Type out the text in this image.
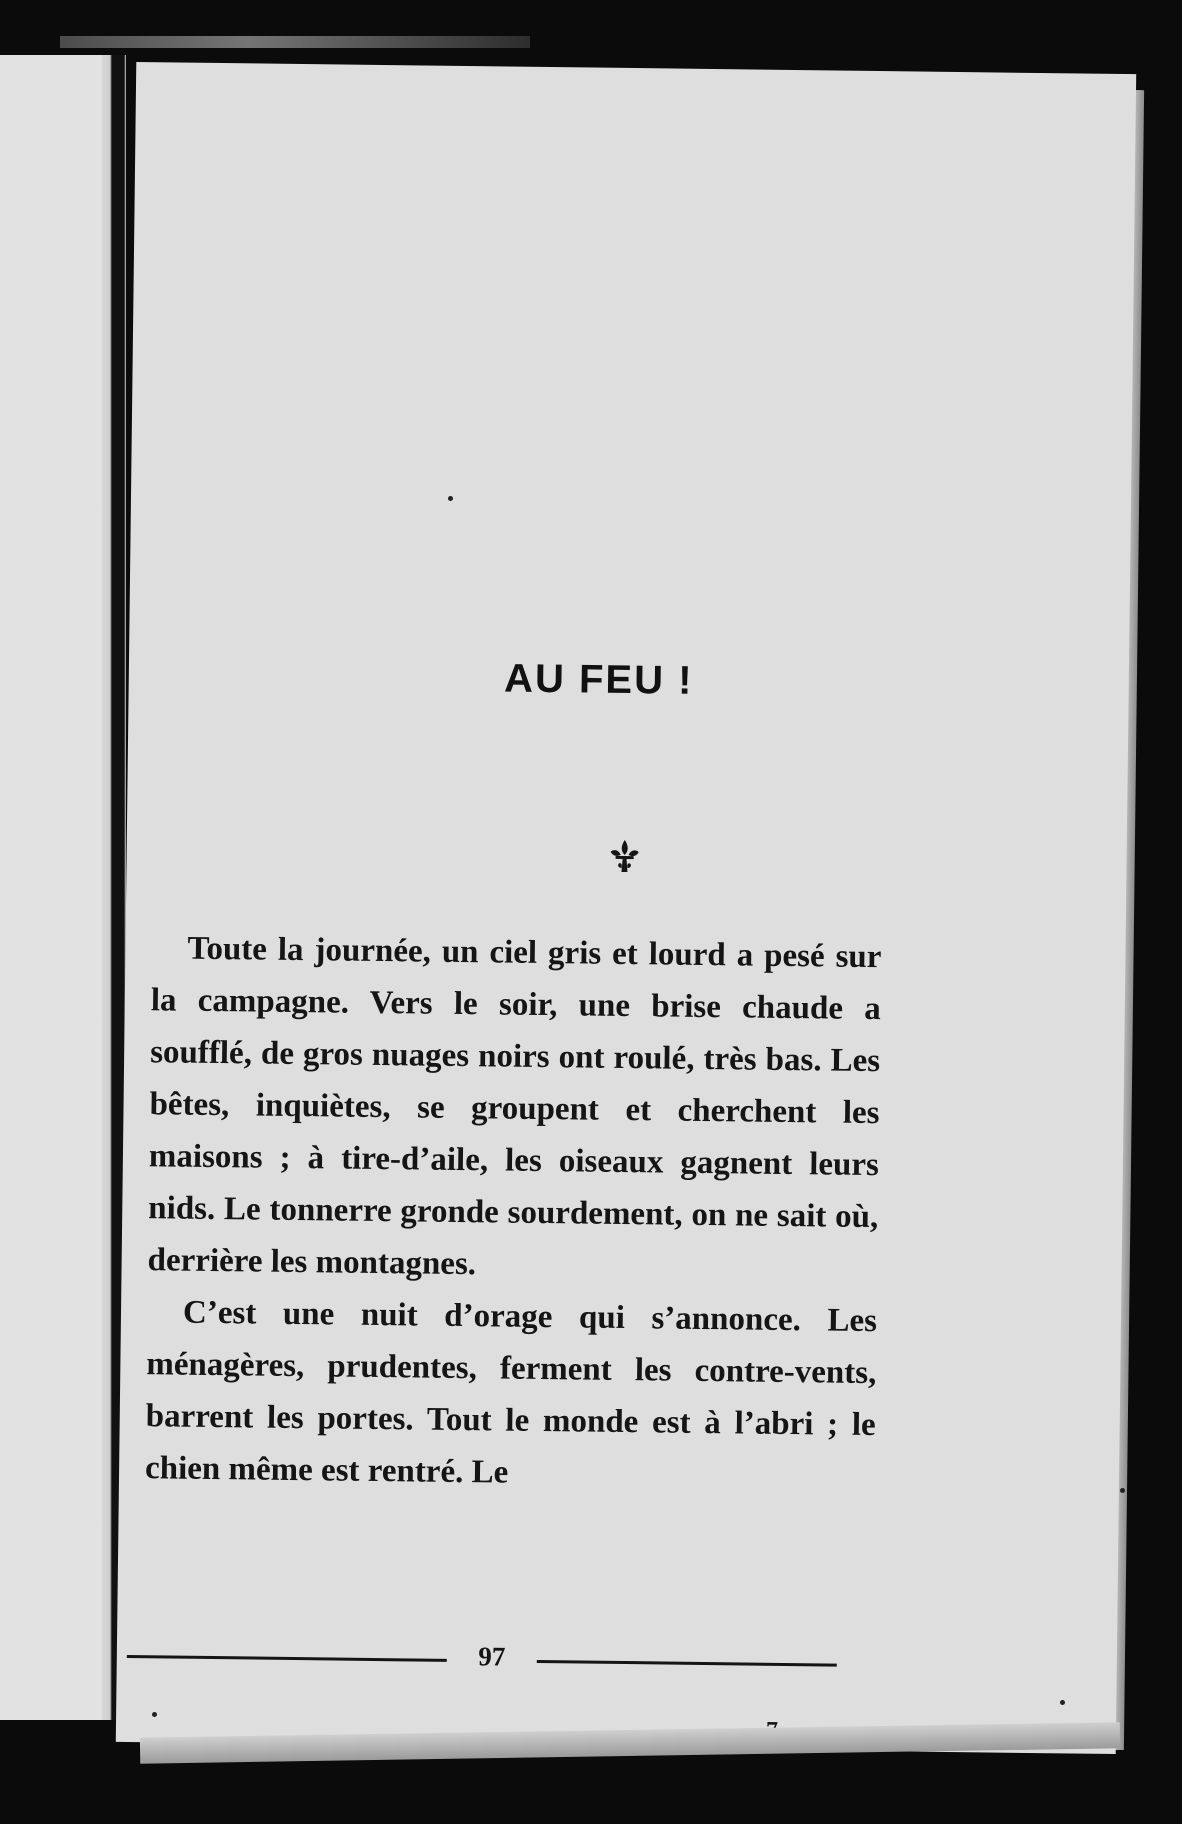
AU FEU !

Toute la journée, un ciel gris et lourd a pesé sur la campagne. Vers le soir, une brise chaude a soufflé, de gros nuages noirs ont roulé, très bas. Les bêtes, inquiètes, se groupent et cherchent les maisons ; à tire-d’aile, les oiseaux gagnent leurs nids. Le tonnerre gronde sourdement, on ne sait où, derrière les montagnes.

C’est une nuit d’orage qui s’annonce. Les ménagères, prudentes, ferment les contre-vents, barrent les portes. Tout le monde est à l’abri ; le chien même est rentré. Le

97
